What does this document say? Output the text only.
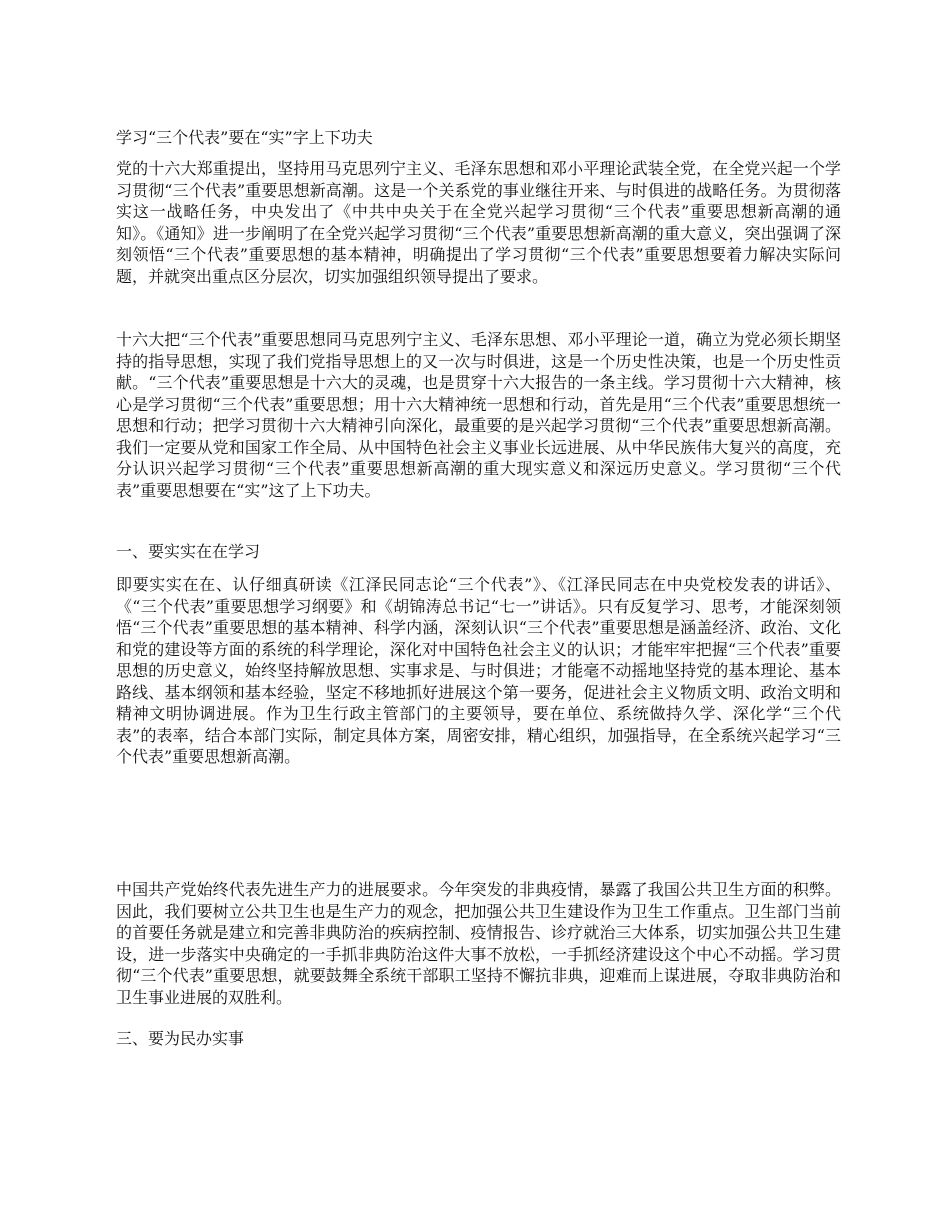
学习“三个代表”要在“实”字上下功夫

党的十六大郑重提出，坚持用马克思列宁主义、毛泽东思想和邓小平理论武装全党，在全党兴起一个学习贯彻“三个代表”重要思想新高潮。这是一个关系党的事业继往开来、与时俱进的战略任务。为贯彻落实这一战略任务，中央发出了《中共中央关于在全党兴起学习贯彻“三个代表”重要思想新高潮的通知》。《通知》进一步阐明了在全党兴起学习贯彻“三个代表”重要思想新高潮的重大意义，突出强调了深刻领悟“三个代表”重要思想的基本精神，明确提出了学习贯彻“三个代表”重要思想要着力解决实际问题，并就突出重点区分层次，切实加强组织领导提出了要求。

十六大把“三个代表”重要思想同马克思列宁主义、毛泽东思想、邓小平理论一道，确立为党必须长期坚持的指导思想，实现了我们党指导思想上的又一次与时俱进，这是一个历史性决策，也是一个历史性贡献。“三个代表”重要思想是十六大的灵魂，也是贯穿十六大报告的一条主线。学习贯彻十六大精神，核心是学习贯彻“三个代表”重要思想；用十六大精神统一思想和行动，首先是用“三个代表”重要思想统一思想和行动；把学习贯彻十六大精神引向深化，最重要的是兴起学习贯彻“三个代表”重要思想新高潮。我们一定要从党和国家工作全局、从中国特色社会主义事业长远进展、从中华民族伟大复兴的高度，充分认识兴起学习贯彻“三个代表”重要思想新高潮的重大现实意义和深远历史意义。学习贯彻“三个代表”重要思想要在“实”这了上下功夫。

一、要实实在在学习

即要实实在在、认仔细真研读《江泽民同志论“三个代表”》、《江泽民同志在中央党校发表的讲话》、《“三个代表”重要思想学习纲要》和《胡锦涛总书记“七一”讲话》。只有反复学习、思考，才能深刻领悟“三个代表”重要思想的基本精神、科学内涵，深刻认识“三个代表”重要思想是涵盖经济、政治、文化和党的建设等方面的系统的科学理论，深化对中国特色社会主义的认识；才能牢牢把握“三个代表”重要思想的历史意义，始终坚持解放思想、实事求是、与时俱进；才能毫不动摇地坚持党的基本理论、基本路线、基本纲领和基本经验，坚定不移地抓好进展这个第一要务，促进社会主义物质文明、政治文明和精神文明协调进展。作为卫生行政主管部门的主要领导，要在单位、系统做持久学、深化学“三个代表”的表率，结合本部门实际，制定具体方案，周密安排，精心组织，加强指导，在全系统兴起学习“三个代表”重要思想新高潮。

中国共产党始终代表先进生产力的进展要求。今年突发的非典疫情，暴露了我国公共卫生方面的积弊。因此，我们要树立公共卫生也是生产力的观念，把加强公共卫生建设作为卫生工作重点。卫生部门当前的首要任务就是建立和完善非典防治的疾病控制、疫情报告、诊疗就治三大体系，切实加强公共卫生建设，进一步落实中央确定的一手抓非典防治这件大事不放松，一手抓经济建设这个中心不动摇。学习贯彻“三个代表”重要思想，就要鼓舞全系统干部职工坚持不懈抗非典，迎难而上谋进展，夺取非典防治和卫生事业进展的双胜利。

三、要为民办实事
